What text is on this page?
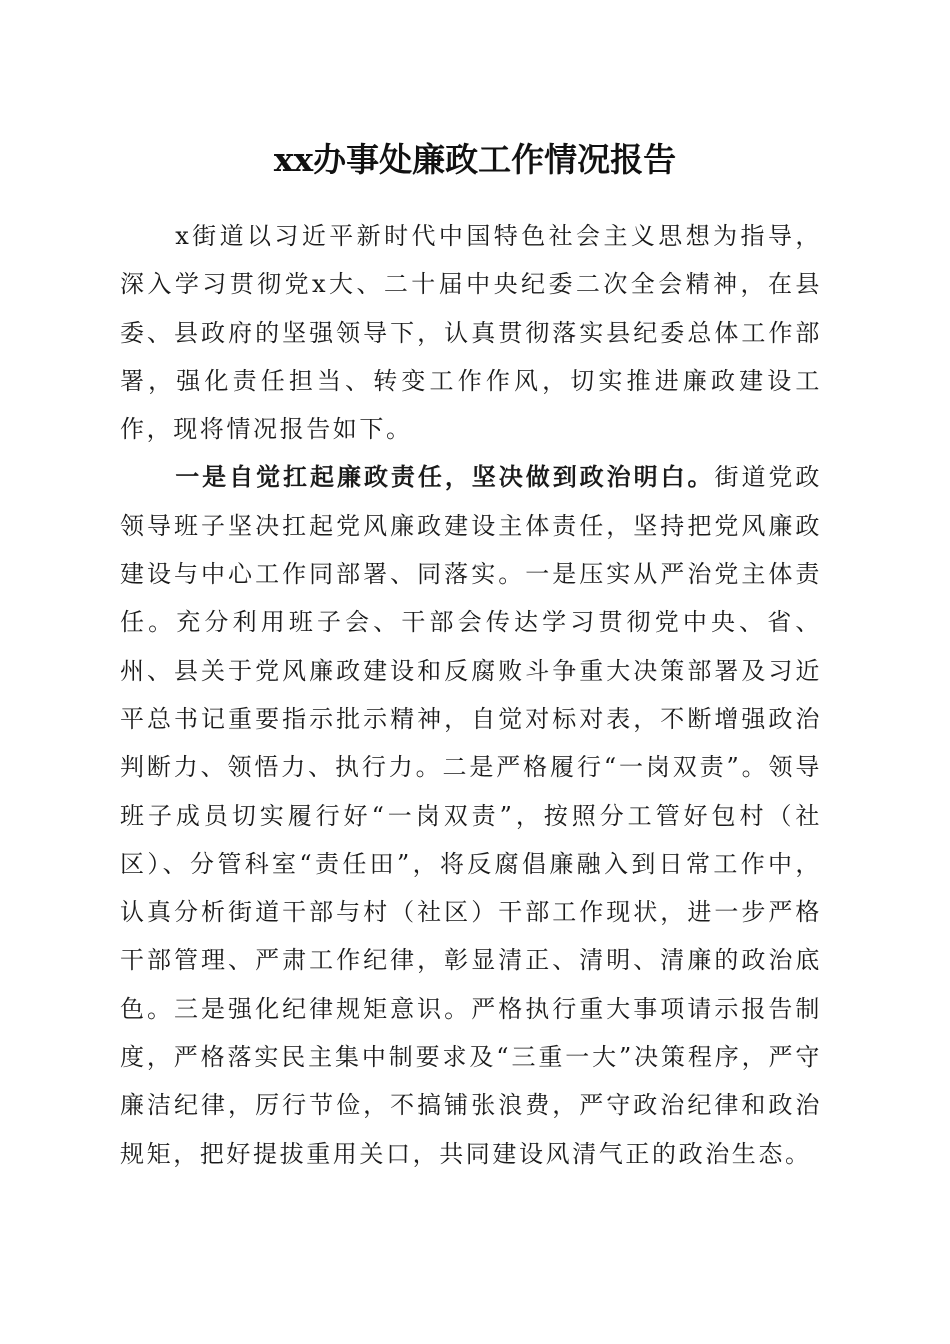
xx办事处廉政工作情况报告

x街道以习近平新时代中国特色社会主义思想为指导，深入学习贯彻党x大、二十届中央纪委二次全会精神，在县委、县政府的坚强领导下，认真贯彻落实县纪委总体工作部署，强化责任担当、转变工作作风，切实推进廉政建设工作，现将情况报告如下。

一是自觉扛起廉政责任，坚决做到政治明白。街道党政领导班子坚决扛起党风廉政建设主体责任，坚持把党风廉政建设与中心工作同部署、同落实。一是压实从严治党主体责任。充分利用班子会、干部会传达学习贯彻党中央、省、州、县关于党风廉政建设和反腐败斗争重大决策部署及习近平总书记重要指示批示精神，自觉对标对表，不断增强政治判断力、领悟力、执行力。二是严格履行“一岗双责”。领导班子成员切实履行好“一岗双责”，按照分工管好包村（社区）、分管科室“责任田”，将反腐倡廉融入到日常工作中，认真分析街道干部与村（社区）干部工作现状，进一步严格干部管理、严肃工作纪律，彰显清正、清明、清廉的政治底色。三是强化纪律规矩意识。严格执行重大事项请示报告制度，严格落实民主集中制要求及“三重一大”决策程序，严守廉洁纪律，厉行节俭，不搞铺张浪费，严守政治纪律和政治规矩，把好提拔重用关口，共同建设风清气正的政治生态。
